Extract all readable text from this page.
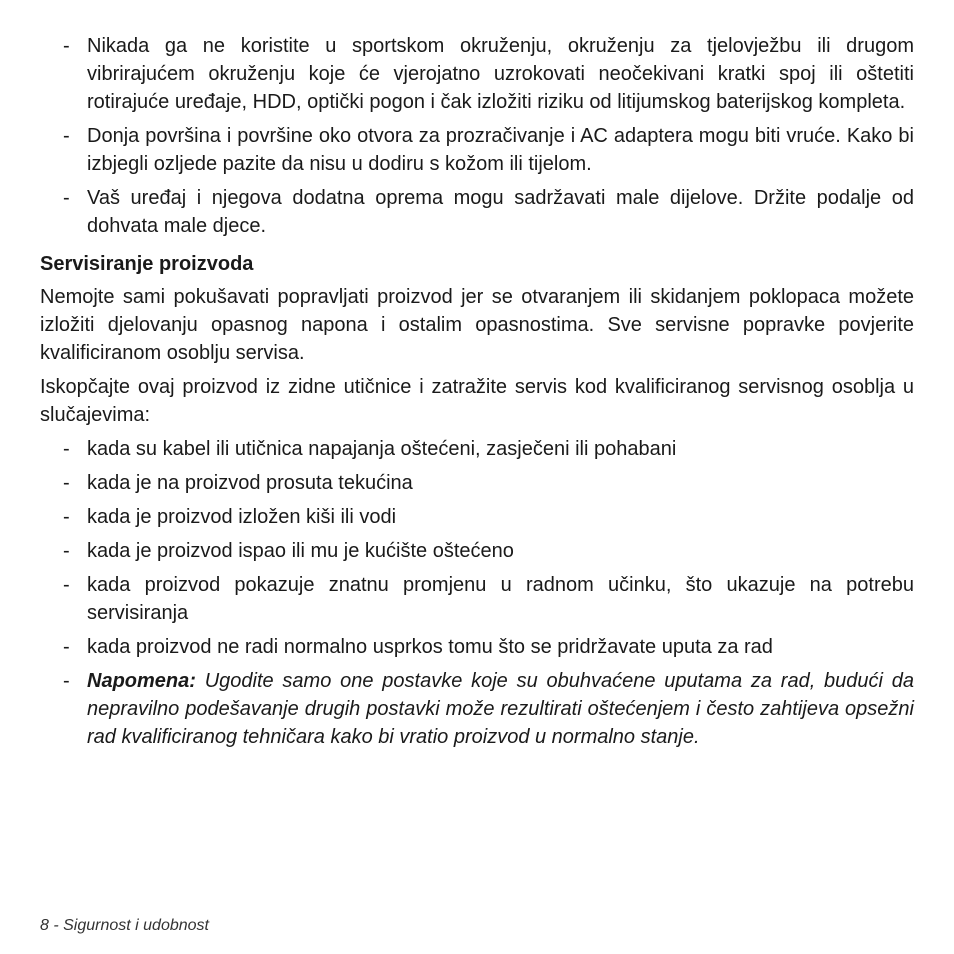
- Nikada ga ne koristite u sportskom okruženju, okruženju za tjelovježbu ili drugom vibrirajućem okruženju koje će vjerojatno uzrokovati neočekivani kratki spoj ili oštetiti rotirajuće uređaje, HDD, optički pogon i čak izložiti riziku od litijumskog baterijskog kompleta.
- Donja površina i površine oko otvora za prozračivanje i AC adaptera mogu biti vruće. Kako bi izbjegli ozljede pazite da nisu u dodiru s kožom ili tijelom.
- Vaš uređaj i njegova dodatna oprema mogu sadržavati male dijelove. Držite podalje od dohvata male djece.
Servisiranje proizvoda

Nemojte sami pokušavati popravljati proizvod jer se otvaranjem ili skidanjem poklopaca možete izložiti djelovanju opasnog napona i ostalim opasnostima. Sve servisne popravke povjerite kvalificiranom osoblju servisa.

Iskopčajte ovaj proizvod iz zidne utičnice i zatražite servis kod kvalificiranog servisnog osoblja u slučajevima:

- kada su kabel ili utičnica napajanja oštećeni, zasječeni ili pohabani
- kada je na proizvod prosuta tekućina
- kada je proizvod izložen kiši ili vodi
- kada je proizvod ispao ili mu je kućište oštećeno
- kada proizvod pokazuje znatnu promjenu u radnom učinku, što ukazuje na potrebu servisiranja
- kada proizvod ne radi normalno usprkos tomu što se pridržavate uputa za rad
- Napomena: Ugodite samo one postavke koje su obuhvaćene uputama za rad, budući da nepravilno podešavanje drugih postavki može rezultirati oštećenjem i često zahtijeva opsežni rad kvalificiranog tehničara kako bi vratio proizvod u normalno stanje.
8 - Sigurnost i udobnost
